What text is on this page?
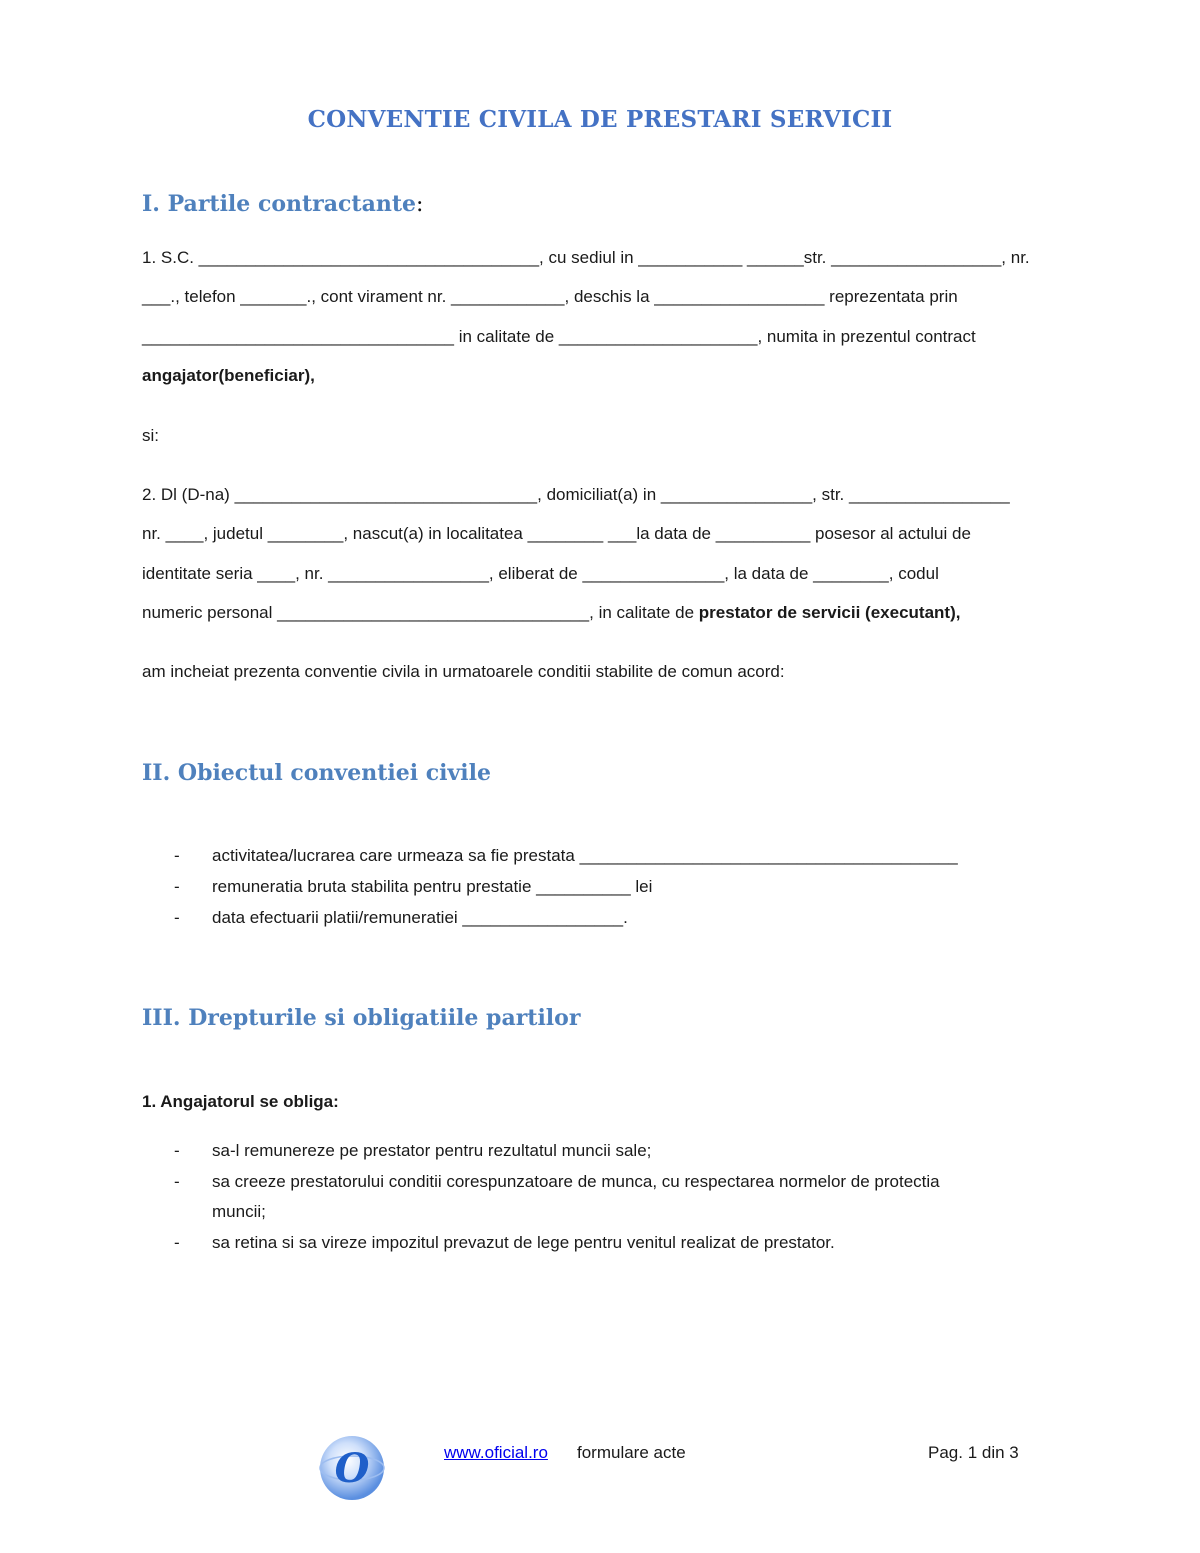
CONVENTIE CIVILA DE PRESTARI SERVICII
I. Partile contractante:
1. S.C. ____________________________________, cu sediul in ___________ ______str. __________________, nr.
___., telefon _______., cont virament nr. ____________, deschis la __________________ reprezentata prin
_________________________________ in calitate de _____________________, numita in prezentul contract
angajator(beneficiar),
si:
2. Dl (D-na) ________________________________, domiciliat(a) in ________________, str. _________________
nr. ____, judetul ________, nascut(a) in localitatea ________ ___la data de __________ posesor al actului de
identitate seria ____, nr. _________________, eliberat de _______________, la data de ________, codul
numeric personal _________________________________, in calitate de prestator de servicii (executant),
am incheiat prezenta conventie civila in urmatoarele conditii stabilite de comun acord:
II. Obiectul conventiei civile
- activitatea/lucrarea care urmeaza sa fie prestata ________________________________________
- remuneratia bruta stabilita pentru prestatie __________ lei
- data efectuarii platii/remuneratiei _________________.
III. Drepturile si obligatiile partilor
1. Angajatorul se obliga:
- sa-l remunereze pe prestator pentru rezultatul muncii sale;
- sa creeze prestatorului conditii corespunzatoare de munca, cu respectarea normelor de protectia
muncii;
- sa retina si sa vireze impozitul prevazut de lege pentru venitul realizat de prestator.
O	www.oficial.ro formulare acte	Pag. 1 din 3
